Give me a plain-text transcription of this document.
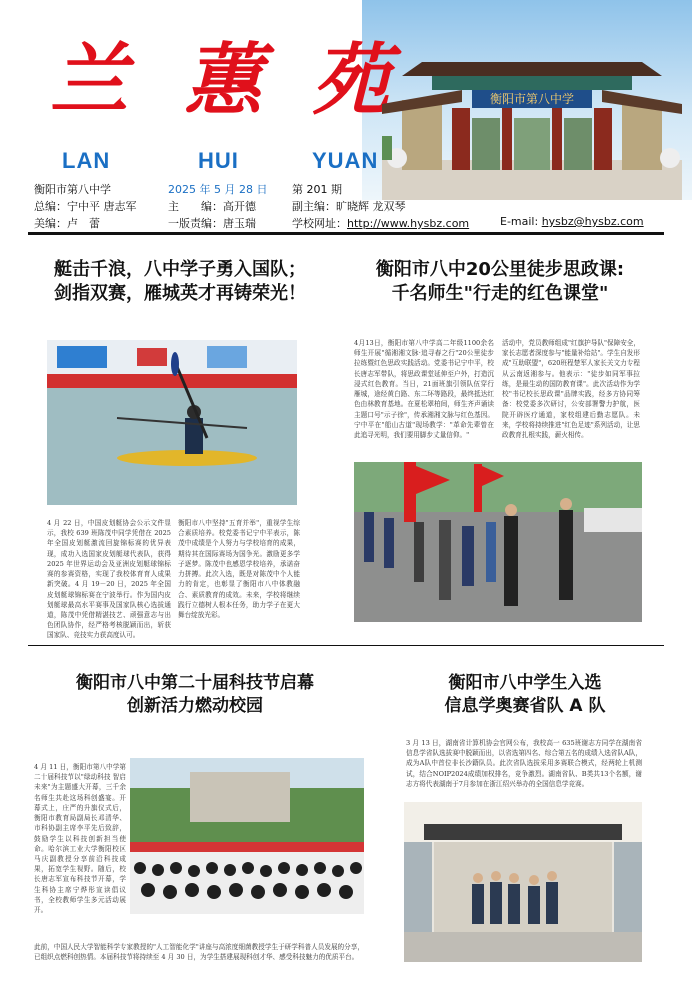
兰 蕙 苑
LAN	HUI	YUAN
衡阳市第八中学
衡阳市第八中学	2025 年 5 月 28 日 第 201 期
总编：宁中平 唐志军	主　　编：高开德	副主编：旷晓辉 龙双琴
美编：卢　蕾	一版责编：唐玉瑞	学校网址：http://www.hysbz.com	E-mail: hysbz@hysbz.com
艇击千浪，八中学子勇入国队；
剑指双赛，雁城英才再铸荣光！
4 月 22 日，中国皮划艇协会公示文件显示，我校 639 班陈茂中同学凭借在 2025 年全国皮划艇激流回旋锦标赛的优异表现，成功入选国家皮划艇球代表队，获得 2025 年世界运动会及亚洲皮划艇球锦标赛的参赛资格，实现了我校体育育人成果新突破。4 月 19－20 日，2025 年全国皮划艇球锦标赛在宁波举行。作为国内皮划艇球最高水平赛事及国家队核心选拔通道，陈茂中凭借精湛技艺、顽强意志与出色团队协作，经严格考核脱颖而出，斩获国家队、竞技实力获高度认可。
衡阳市八中坚持"五育并举"，重视学生综合素质培养。校党委书记宁中平表示，陈茂中成绩是个人努力与学校培育的成果，期待其在国际赛场为国争光。激励更多学子逐梦。陈茂中也感恩学校培养，承诺奋力拼搏。此次入选，既是对陈茂中个人能力的肯定，也彰显了衡阳市八中体教融合、素质教育的成效。未来，学校将继续践行立德树人根本任务，助力学子在更大舞台绽放光彩。
衡阳市八中20公里徒步思政课:
千名师生"行走的红色课堂"
4月13日，衡阳市第八中学高二年级1100余名师生开展"循湘湘文脉·追寻春之行"20公里徒步拉练暨红色思政实践活动。党委书记宁中平，校长唐志军带队，将思政课堂延伸至户外，打造沉浸式红色教育。当日，21面班旗引领队伍穿行雁城，途经黄白路、东二环等路段，最终抵达红色由林教育基地。在夏松翠柏间，师生齐声诵读主题口号"示子徐"，传承湘湘文脉与红色基因。宁中平在"船山古道"现场教学："革命先辈曾在此追寻光明，我们要用脚步丈量信仰。"
活动中，党员教师组成"红旗护导队"保障安全，家长志愿者深度参与"能量补给站"。学生自发形成"互助联盟"，620班程楚军人家长关文力专程从云南返湘参与。他表示："徒步如同军事拉练，是最生动的国防教育课"。此次活动作为学校"书记校长思政课"品牌实践，经多方协同筹备：校党委多次研讨，公安部署警力护航，医院开辟医疗通道，家校组建后勤志愿队。未来，学校将持续推进"红色足迹"系列活动，让思政教育扎根实践，薪火相传。
衡阳市八中第二十届科技节启幕
创新活力燃动校园
4 月 11 日，衡阳市第八中学第二十届科技节以"绿动科技 智启未来"为主题盛大开幕，三千余名师生共赴这场科创盛宴。开幕式上，庄严的升旗仪式后，衡阳市教育局副局长邓清华、市科协副主席李平先后致辞，鼓励学生以科技创新担当使命。哈尔滨工业大学衡阳校区马庆副教授分享前沿科技成果，拓宽学生视野。随后，校长唐志军宣布科技节开幕，学生科协主席宁烨彤宣读倡议书，全校教师学生多元活动展开。
此前，中国人民大学智能科学专家教授的"人工智能化学"讲座与高浓度细菌教授学生于研学科普人员发展的分享，已组织点燃科创热情。本届科技节将持续至 4 月 30 日，为学生搭建展现科创才华、感受科技魅力的优质平台。
衡阳市八中学生入选
信息学奥赛省队 A 队
3 月 13 日，湖南省计算机协会官网公布，我校高一 635班谢志方同学在湖南省信息学省队选拔赛中脱颖而出，以省选第四名、综合第五名的成绩入选省队A队，成为A队中首位非长沙籍队员。此次省队选拔采用多赛联合模式，经两轮上机测试，结合NOIP2024成绩加权排名，竞争激烈。湖南省队、B类共13个名额，谢志方将代表湖南于7月参加在浙江绍兴举办的全国信息学竞赛。
